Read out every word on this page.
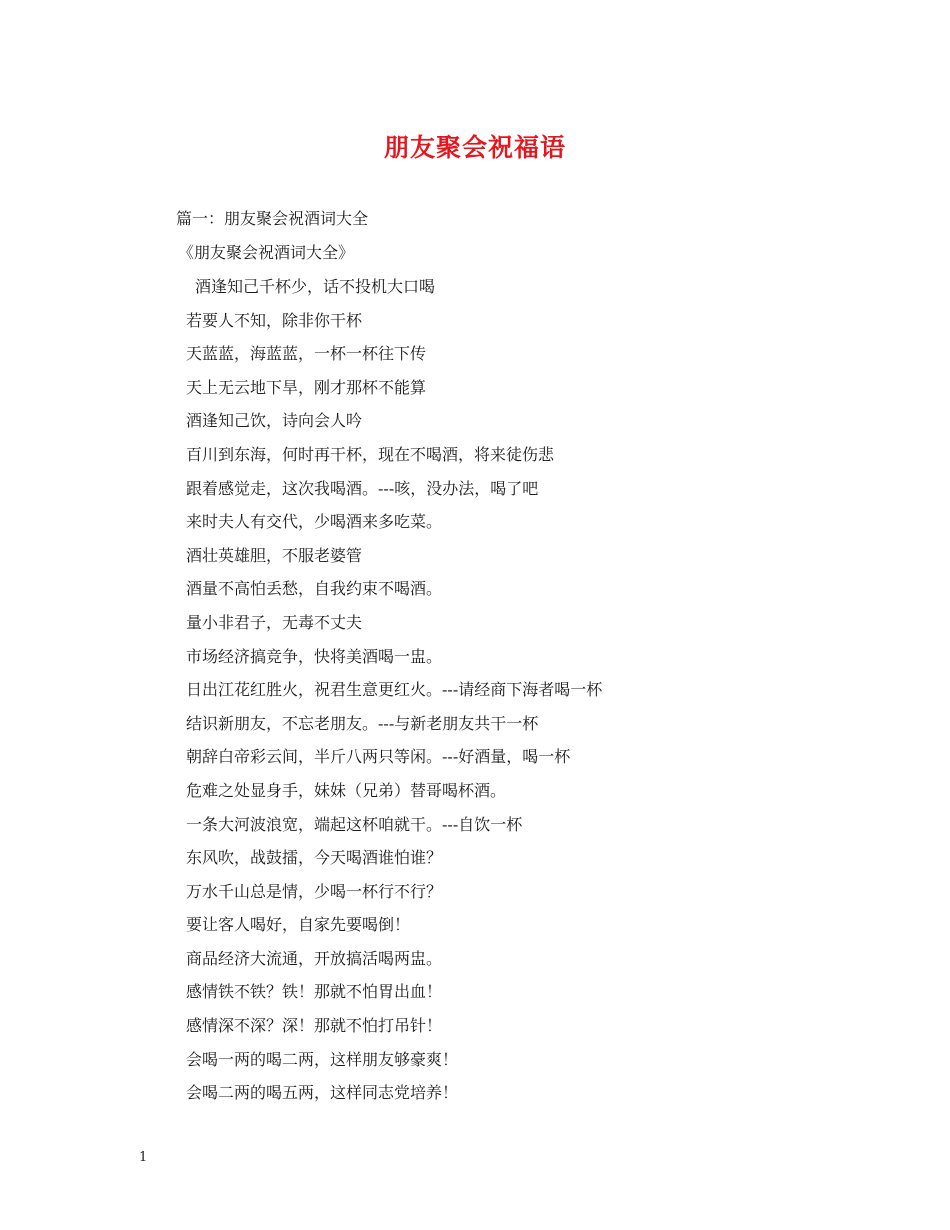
朋友聚会祝福语
篇一：朋友聚会祝酒词大全
《朋友聚会祝酒词大全》
酒逢知己千杯少，话不投机大口喝
若要人不知，除非你干杯
天蓝蓝，海蓝蓝，一杯一杯往下传
天上无云地下旱，刚才那杯不能算
酒逢知己饮，诗向会人吟
百川到东海，何时再干杯，现在不喝酒，将来徒伤悲
跟着感觉走，这次我喝酒。---咳，没办法，喝了吧
来时夫人有交代，少喝酒来多吃菜。
酒壮英雄胆，不服老婆管
酒量不高怕丢愁，自我约束不喝酒。
量小非君子，无毒不丈夫
市场经济搞竞争，快将美酒喝一盅。
日出江花红胜火，祝君生意更红火。---请经商下海者喝一杯
结识新朋友，不忘老朋友。---与新老朋友共干一杯
朝辞白帝彩云间，半斤八两只等闲。---好酒量，喝一杯
危难之处显身手，妹妹（兄弟）替哥喝杯酒。
一条大河波浪宽，端起这杯咱就干。---自饮一杯
东风吹，战鼓擂，今天喝酒谁怕谁？
万水千山总是情，少喝一杯行不行？
要让客人喝好，自家先要喝倒！
商品经济大流通，开放搞活喝两盅。
感情铁不铁？铁！那就不怕胃出血！
感情深不深？深！那就不怕打吊针！
会喝一两的喝二两，这样朋友够豪爽！
会喝二两的喝五两，这样同志党培养！
1
